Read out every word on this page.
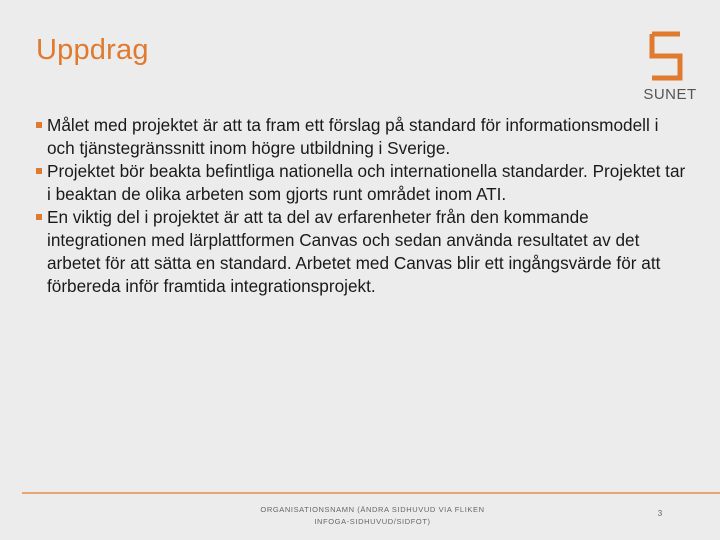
Uppdrag
SUNET
Målet med projektet är att ta fram ett förslag på standard för informationsmodell i och tjänstegränssnitt inom högre utbildning i Sverige.
Projektet bör beakta befintliga nationella och internationella standarder. Projektet tar i beaktan de olika arbeten som gjorts runt området inom ATI.
En viktig del i projektet är att ta del av erfarenheter från den kommande integrationen med lärplattformen Canvas och sedan använda resultatet av det arbetet för att sätta en standard. Arbetet med Canvas blir ett ingångsvärde för att förbereda inför framtida integrationsprojekt.
ORGANISATIONSNAMN (ÄNDRA SIDHUVUD VIA FLIKEN INFOGA-SIDHUVUD/SIDFOT)
3
